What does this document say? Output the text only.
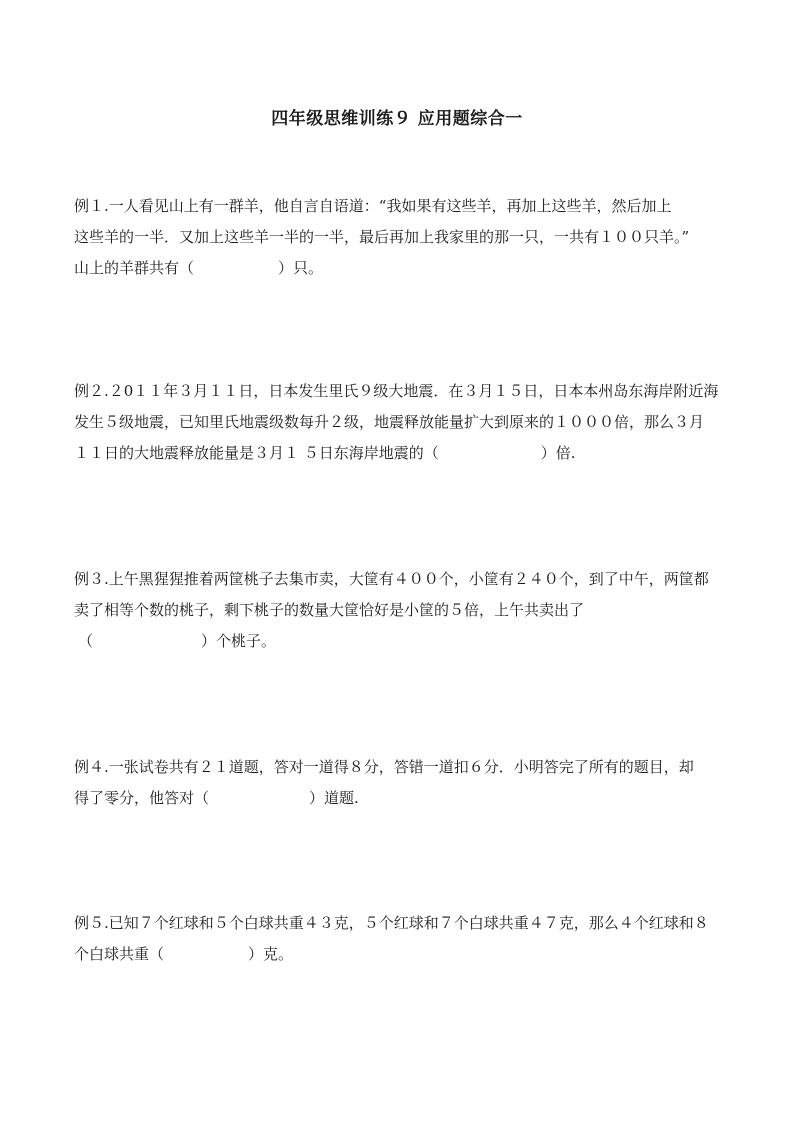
四年级思维训练９ 应用题综合一
例１.一人看见山上有一群羊，他自言自语道：“我如果有这些羊，再加上这些羊，然后加上
这些羊的一半．又加上这些羊一半的一半，最后再加上我家里的那一只，一共有１００只羊。”
山上的羊群共有（	）只。
例２.２0１１年３月１１日，日本发生里氏９级大地震．在３月１５日，日本本州岛东海岸附近海
发生５级地震，已知里氏地震级数每升２级，地震释放能量扩大到原来的１０００倍，那么３月
１１日的大地震释放能量是３月１ ５日东海岸地震的（	）倍.
例３.上午黑猩猩推着两筐桃子去集市卖，大筐有４００个，小筐有２４０个，到了中午，两筐都
卖了相等个数的桃子，剩下桃子的数量大筐恰好是小筐的５倍，上午共卖出了
（	）个桃子。
例４.一张试卷共有２１道题，答对一道得８分，答错一道扣６分．小明答完了所有的题目，却
得了零分，他答对（	）道题.
例５.已知７个红球和５个白球共重４３克，５个红球和７个白球共重４７克，那么４个红球和８
个白球共重（	）克。
